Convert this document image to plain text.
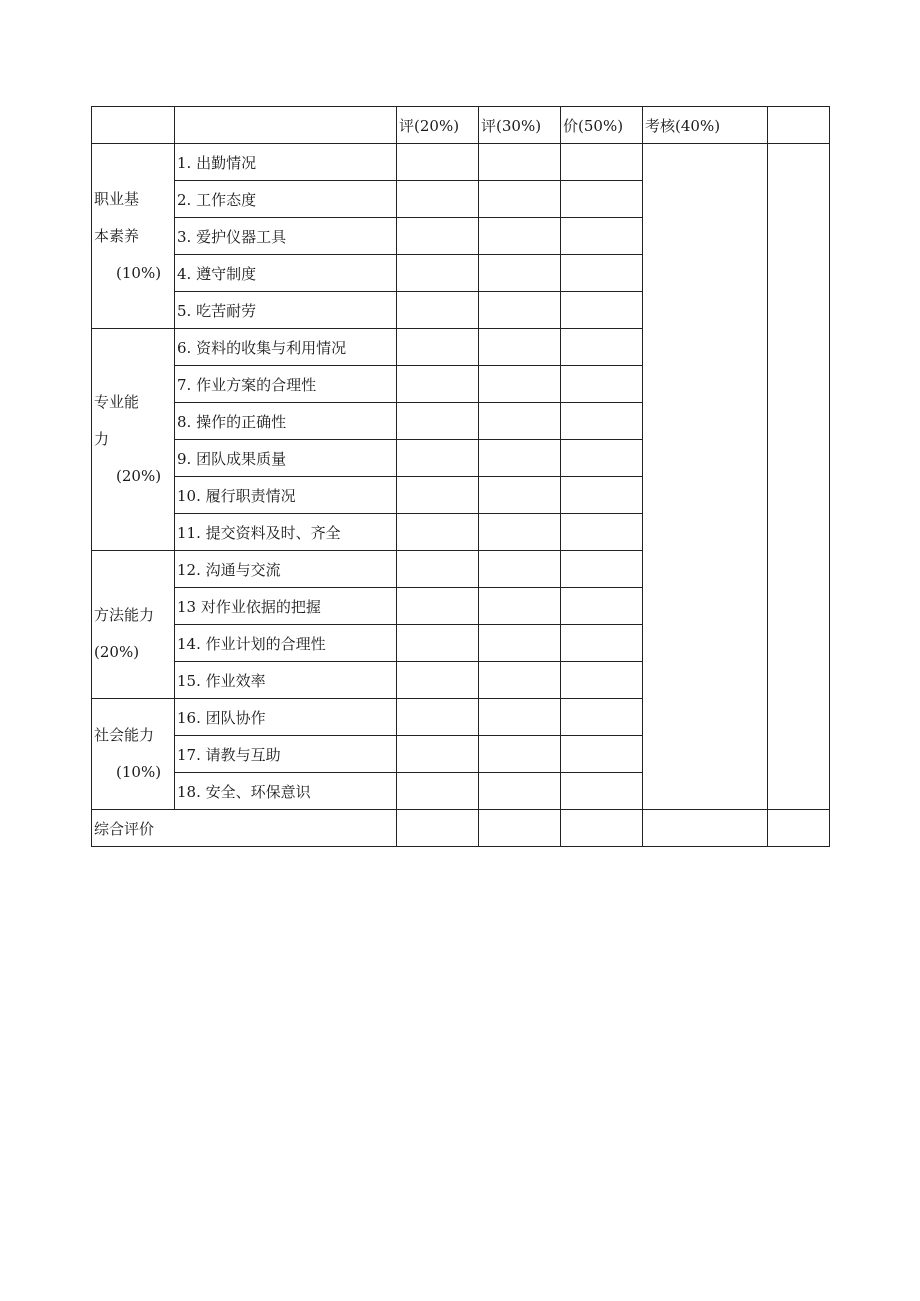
		评(20%)	评(30%)	价(50%)	考核(40%)	

职业基
本素养
(10%)	1. 出勤情况					
	2. 工作态度					
	3. 爱护仪器工具					
	4. 遵守制度					
	5. 吃苦耐劳					

专业能
力
(20%)	6. 资料的收集与利用情况					
	7. 作业方案的合理性					
	8. 操作的正确性					
	9. 团队成果质量					
	10. 履行职责情况					
	11. 提交资料及时、齐全					

方法能力
(20%)	12. 沟通与交流					
	13 对作业依据的把握					
	14. 作业计划的合理性					
	15. 作业效率					

社会能力
(10%)	16. 团队协作					
	17. 请教与互助					
	18. 安全、环保意识					
综合评价						
